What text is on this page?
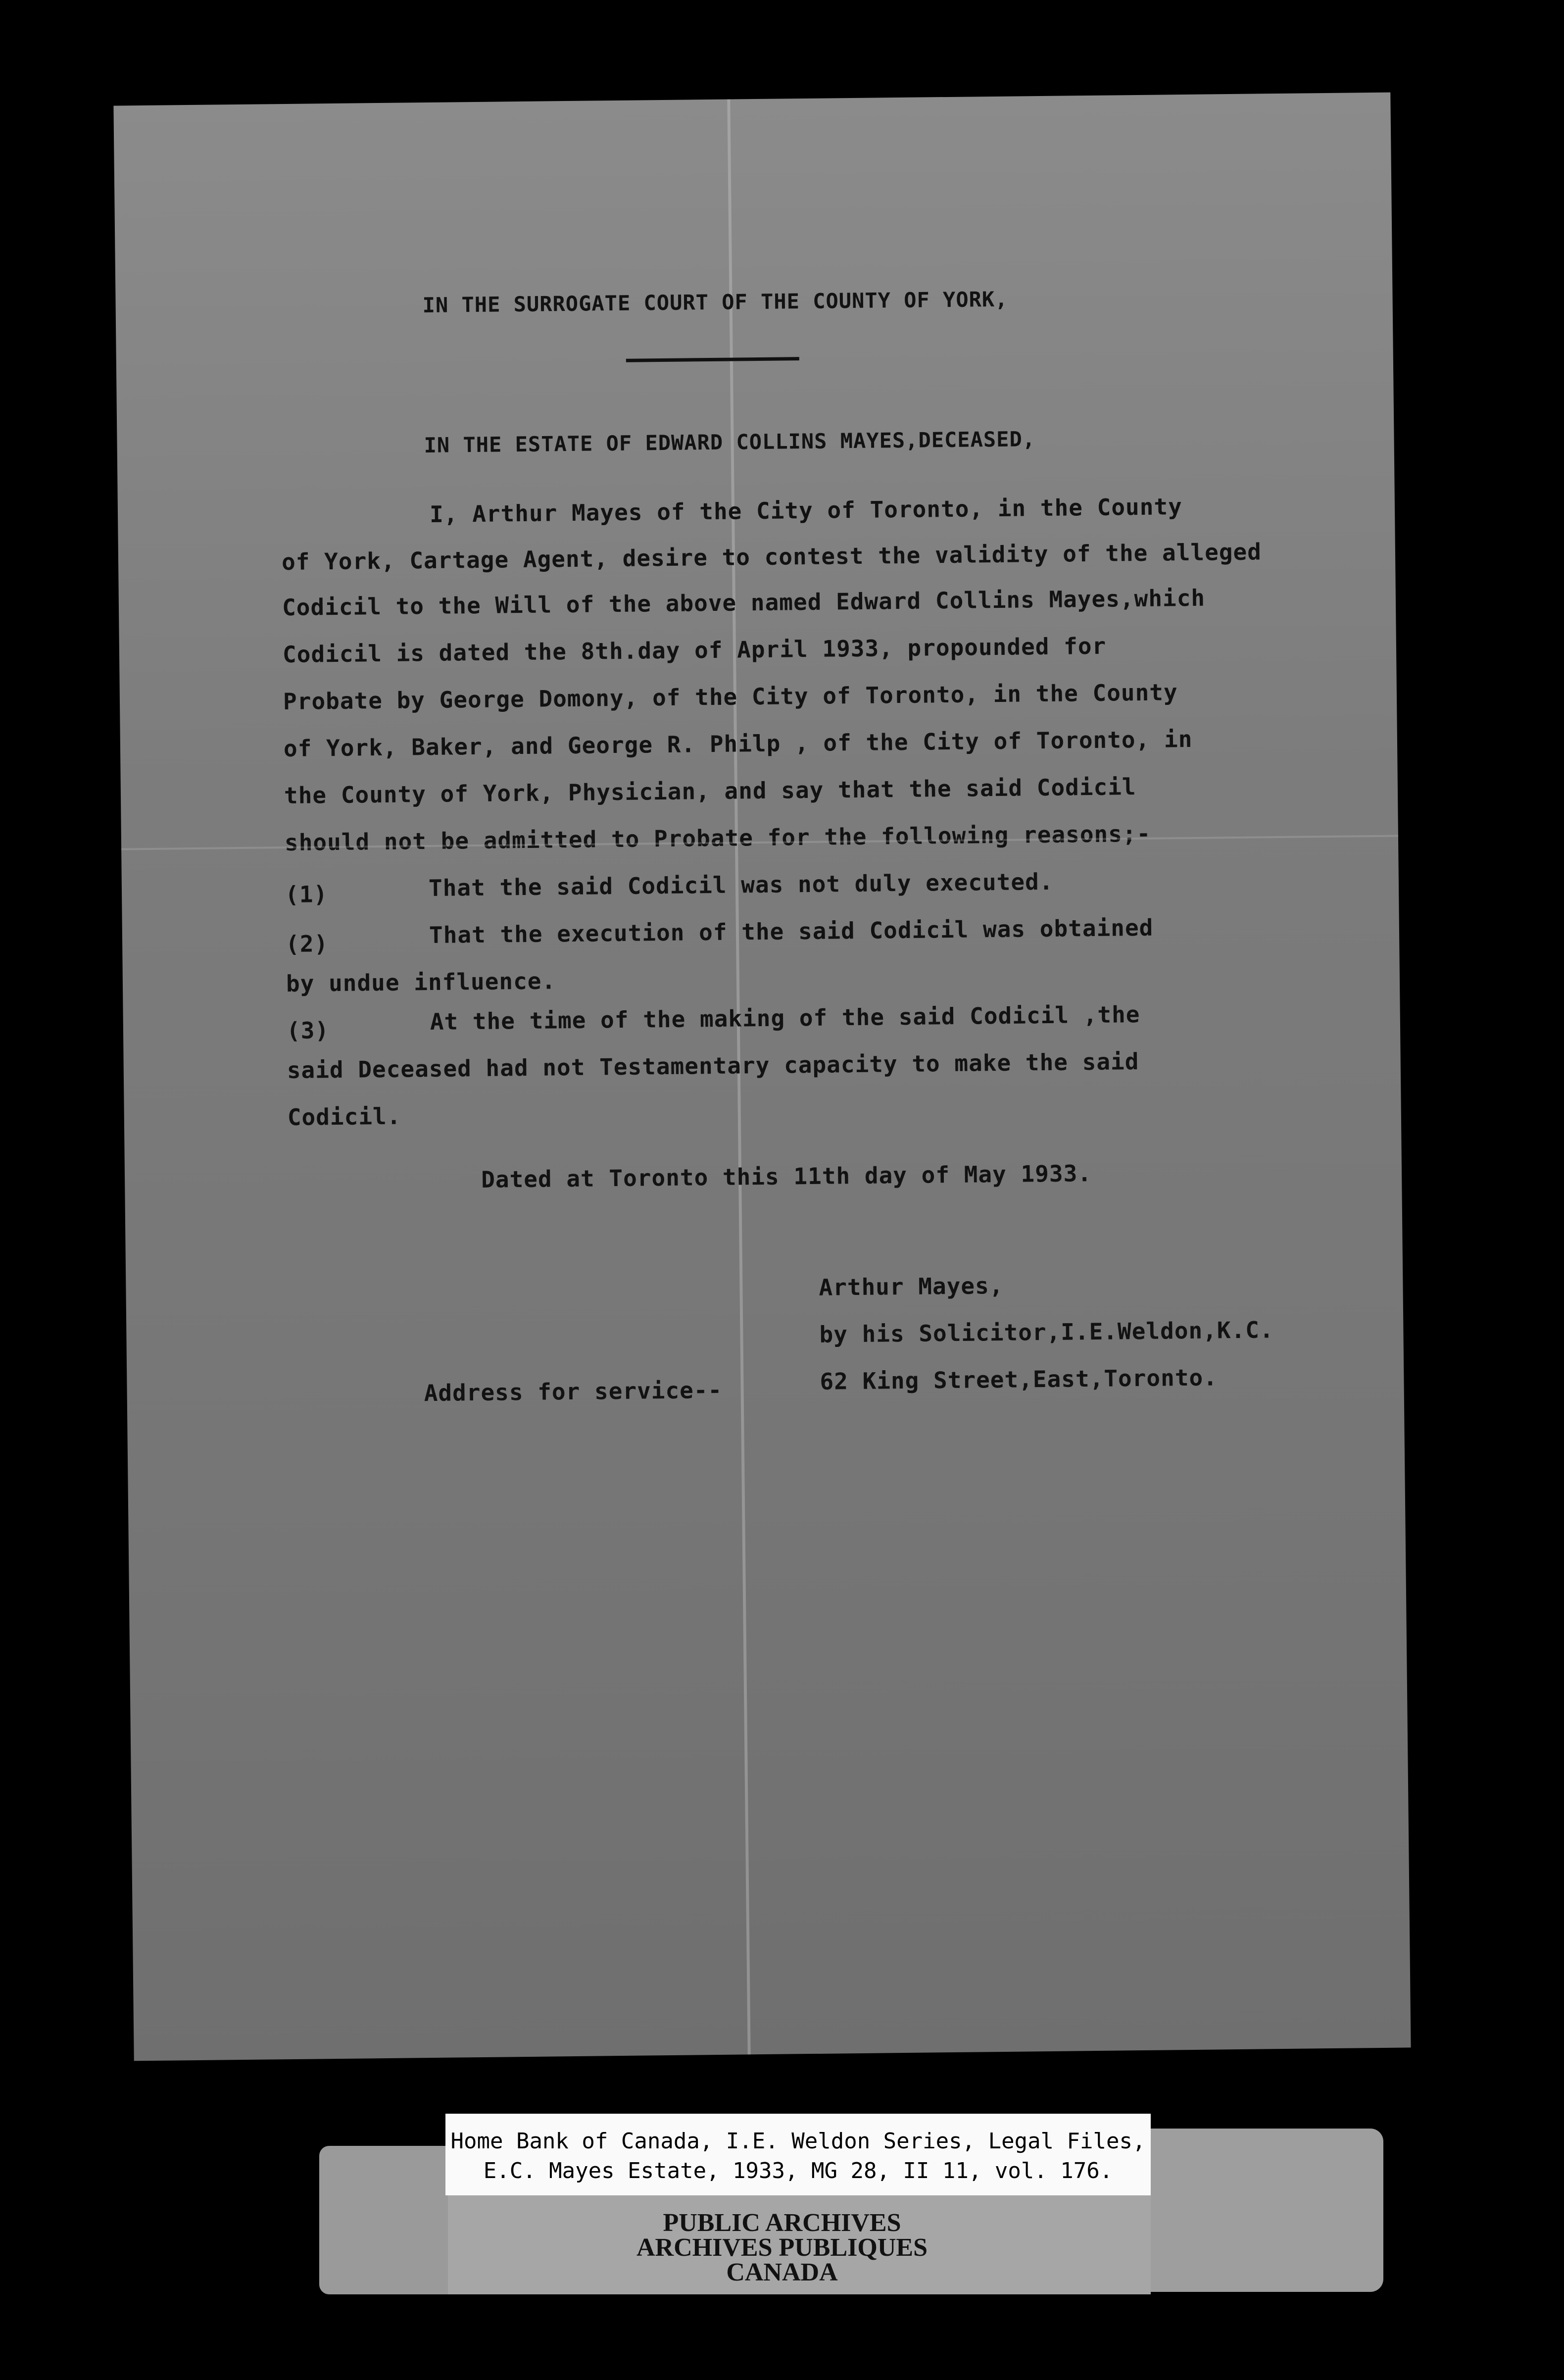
IN THE SURROGATE COURT OF THE COUNTY OF YORK,
IN THE ESTATE OF EDWARD COLLINS MAYES,DECEASED,
I, Arthur Mayes of the City of Toronto, in the County
of York, Cartage Agent, desire to contest the validity of the alleged
Codicil to the Will of the above named Edward Collins Mayes,which
Codicil is dated the 8th.day of April 1933, propounded for
Probate by George Domony, of the City of Toronto, in the County
of York, Baker, and George R. Philp , of the City of Toronto, in
the County of York, Physician, and say that the said Codicil
should not be admitted to Probate for the following reasons;-
(1)	That the said Codicil was not duly executed.
(2)	That the execution of the said Codicil was obtained
by undue influence.
(3)	At the time of the making of the said Codicil ,the
said Deceased had not Testamentary capacity to make the said
Codicil.
Dated at Toronto this 11th day of May 1933.
Arthur Mayes,
by his Solicitor,I.E.Weldon,K.C.
62 King Street,East,Toronto.
Address for service--
Home Bank of Canada, I.E. Weldon Series, Legal Files,
E.C. Mayes Estate, 1933, MG 28, II 11, vol. 176.
PUBLIC ARCHIVES
ARCHIVES PUBLIQUES
CANADA
